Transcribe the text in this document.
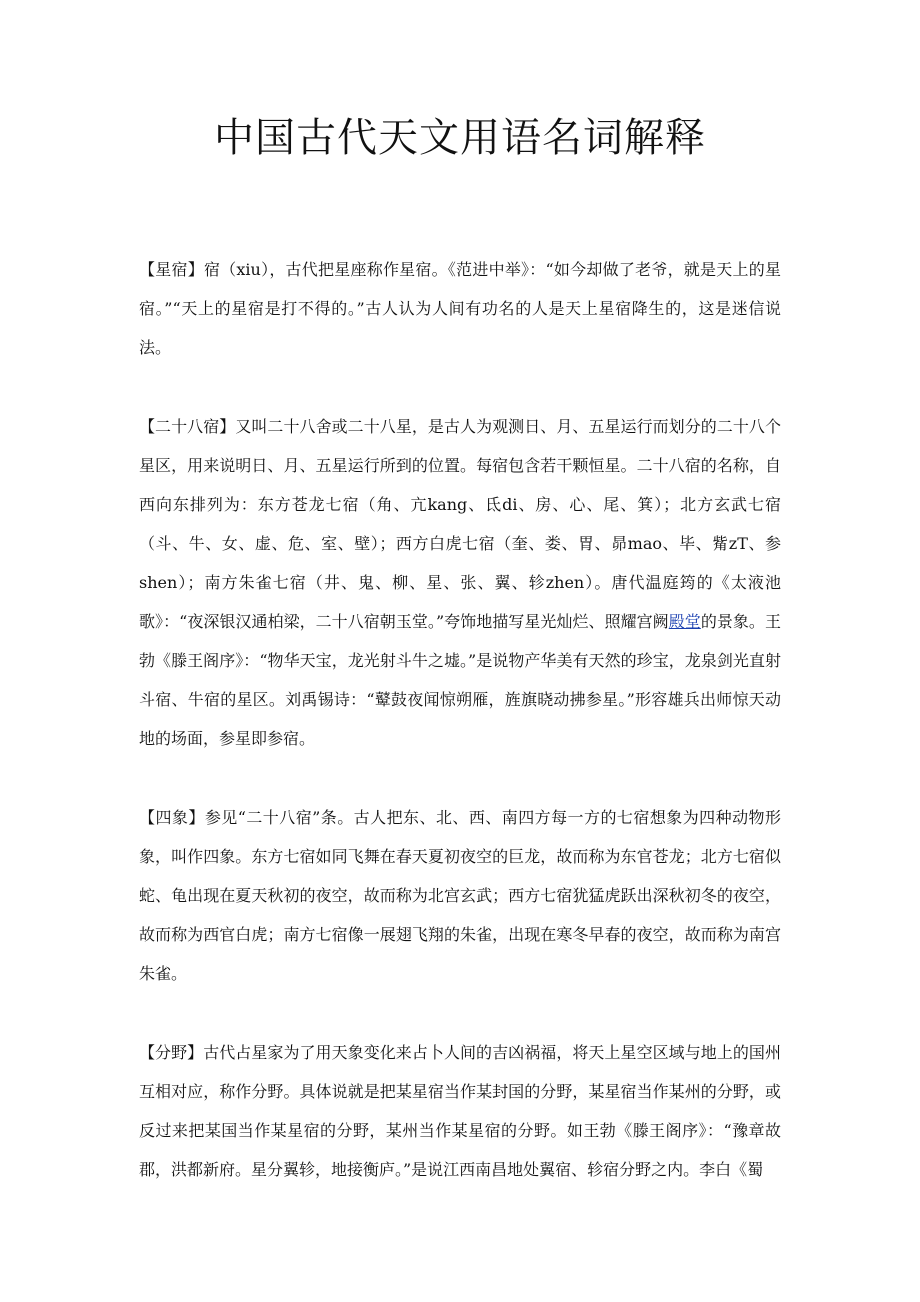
中国古代天文用语名词解释

【星宿】宿（xiu），古代把星座称作星宿。《范进中举》：“如今却做了老爷，就是天上的星宿。”“天上的星宿是打不得的。”古人认为人间有功名的人是天上星宿降生的，这是迷信说法。

【二十八宿】又叫二十八舍或二十八星，是古人为观测日、月、五星运行而划分的二十八个星区，用来说明日、月、五星运行所到的位置。每宿包含若干颗恒星。二十八宿的名称，自西向东排列为：东方苍龙七宿（角、亢kang、氐di、房、心、尾、箕）；北方玄武七宿（斗、牛、女、虚、危、室、壁）；西方白虎七宿（奎、娄、胃、昴mao、毕、觜zT、参shen）；南方朱雀七宿（井、鬼、柳、星、张、翼、轸zhen）。唐代温庭筠的《太液池歌》：“夜深银汉通柏梁，二十八宿朝玉堂。”夸饰地描写星光灿烂、照耀宫阙殿堂的景象。王勃《滕王阁序》：“物华天宝，龙光射斗牛之墟。”是说物产华美有天然的珍宝，龙泉剑光直射斗宿、牛宿的星区。刘禹锡诗：“鼙鼓夜闻惊朔雁，旌旗晓动拂参星。”形容雄兵出师惊天动地的场面，参星即参宿。

【四象】参见“二十八宿”条。古人把东、北、西、南四方每一方的七宿想象为四种动物形象，叫作四象。东方七宿如同飞舞在春天夏初夜空的巨龙，故而称为东官苍龙；北方七宿似蛇、龟出现在夏天秋初的夜空，故而称为北宫玄武；西方七宿犹猛虎跃出深秋初冬的夜空，故而称为西官白虎；南方七宿像一展翅飞翔的朱雀，出现在寒冬早春的夜空，故而称为南宫朱雀。

【分野】古代占星家为了用天象变化来占卜人间的吉凶祸福，将天上星空区域与地上的国州互相对应，称作分野。具体说就是把某星宿当作某封国的分野，某星宿当作某州的分野，或反过来把某国当作某星宿的分野，某州当作某星宿的分野。如王勃《滕王阁序》：“豫章故郡，洪都新府。星分翼轸，地接衡庐。”是说江西南昌地处翼宿、轸宿分野之内。李白《蜀
